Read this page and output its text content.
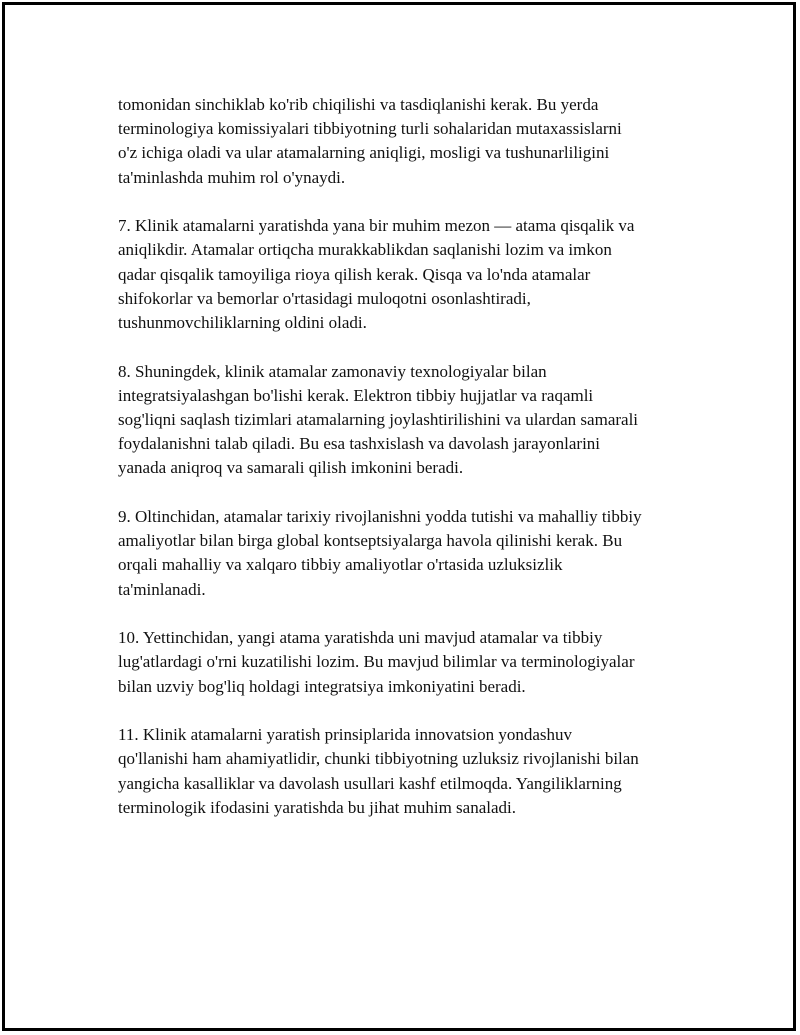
tomonidan sinchiklab ko'rib chiqilishi va tasdiqlanishi kerak. Bu yerda
terminologiya komissiyalari tibbiyotning turli sohalaridan mutaxassislarni
o'z ichiga oladi va ular atamalarning aniqligi, mosligi va tushunarliligini
ta'minlashda muhim rol o'ynaydi.

7. Klinik atamalarni yaratishda yana bir muhim mezon — atama qisqalik va
aniqlikdir. Atamalar ortiqcha murakkablikdan saqlanishi lozim va imkon
qadar qisqalik tamoyiliga rioya qilish kerak. Qisqa va lo'nda atamalar
shifokorlar va bemorlar o'rtasidagi muloqotni osonlashtiradi,
tushunmovchiliklarning oldini oladi.

8. Shuningdek, klinik atamalar zamonaviy texnologiyalar bilan
integratsiyalashgan bo'lishi kerak. Elektron tibbiy hujjatlar va raqamli
sog'liqni saqlash tizimlari atamalarning joylashtirilishini va ulardan samarali
foydalanishni talab qiladi. Bu esa tashxislash va davolash jarayonlarini
yanada aniqroq va samarali qilish imkonini beradi.

9. Oltinchidan, atamalar tarixiy rivojlanishni yodda tutishi va mahalliy tibbiy
amaliyotlar bilan birga global kontseptsiyalarga havola qilinishi kerak. Bu
orqali mahalliy va xalqaro tibbiy amaliyotlar o'rtasida uzluksizlik
ta'minlanadi.

10. Yettinchidan, yangi atama yaratishda uni mavjud atamalar va tibbiy
lug'atlardagi o'rni kuzatilishi lozim. Bu mavjud bilimlar va terminologiyalar
bilan uzviy bog'liq holdagi integratsiya imkoniyatini beradi.

11. Klinik atamalarni yaratish prinsiplarida innovatsion yondashuv
qo'llanishi ham ahamiyatlidir, chunki tibbiyotning uzluksiz rivojlanishi bilan
yangicha kasalliklar va davolash usullari kashf etilmoqda. Yangiliklarning
terminologik ifodasini yaratishda bu jihat muhim sanaladi.
